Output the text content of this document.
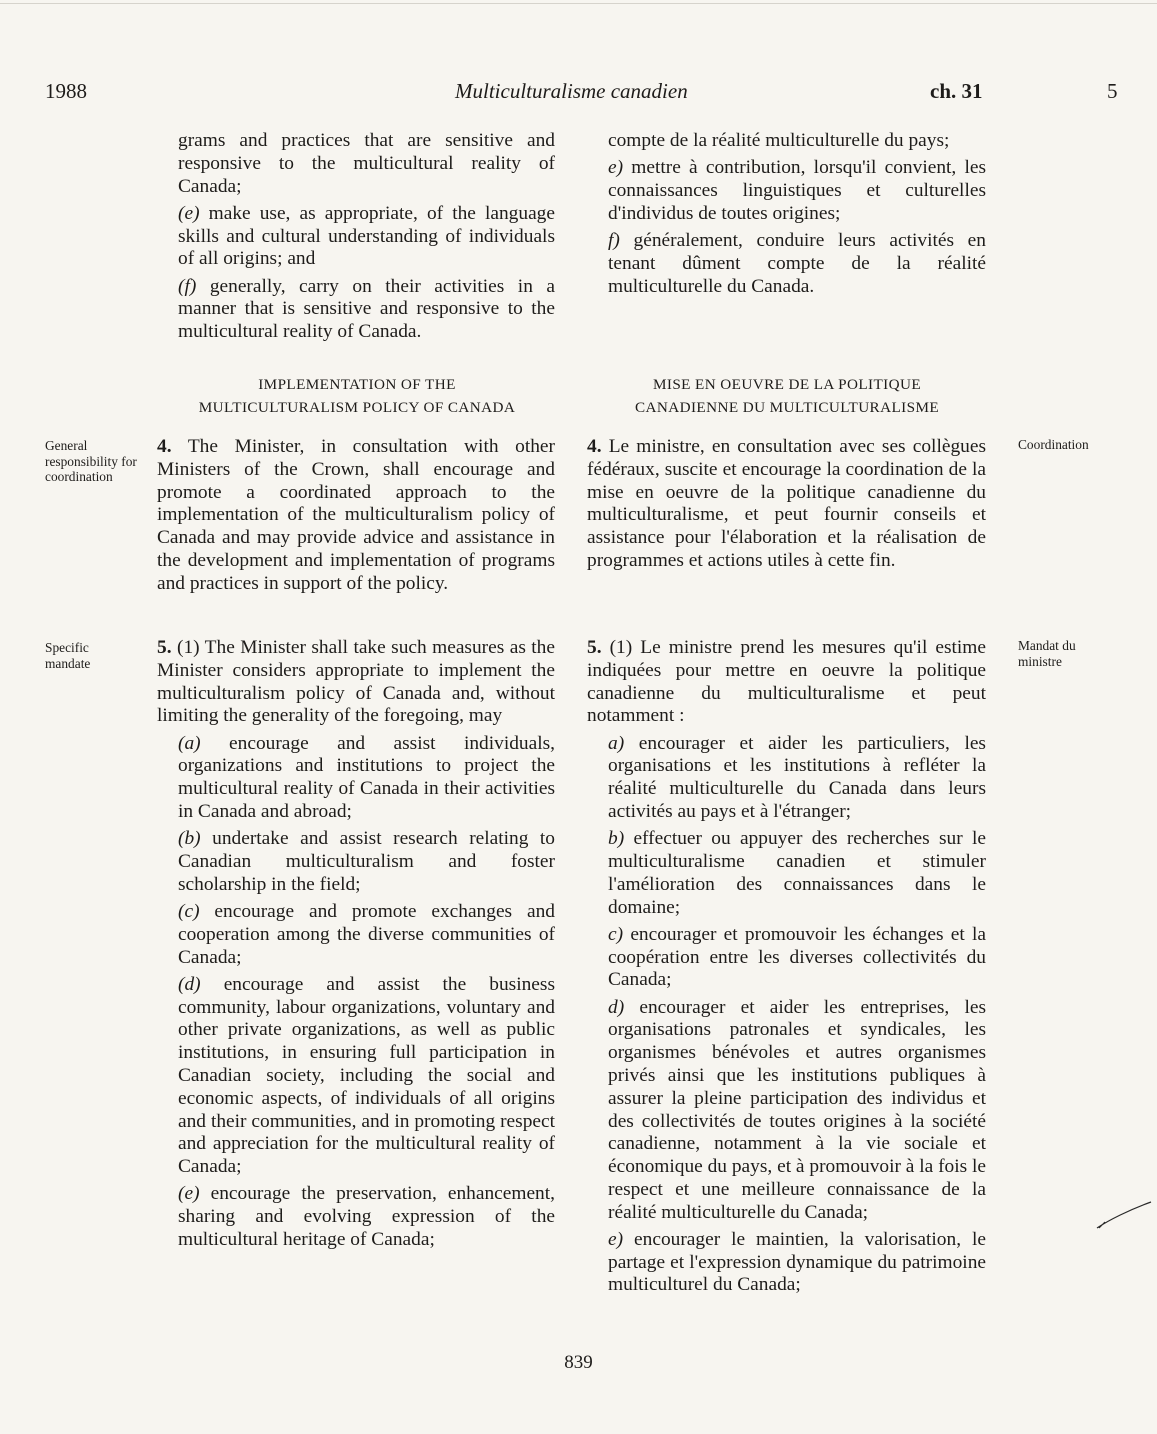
1988	Multiculturalisme canadien	ch. 31	5

grams and practices that are sensitive and responsive to the multicultural reality of Canada;

(e) make use, as appropriate, of the language skills and cultural understanding of individuals of all origins; and

(f) generally, carry on their activities in a manner that is sensitive and responsive to the multicultural reality of Canada.

compte de la réalité multiculturelle du pays;

e) mettre à contribution, lorsqu'il convient, les connaissances linguistiques et culturelles d'individus de toutes origines;

f) généralement, conduire leurs activités en tenant dûment compte de la réalité multiculturelle du Canada.

IMPLEMENTATION OF THE
MULTICULTURALISM POLICY OF CANADA
MISE EN OEUVRE DE LA POLITIQUE
CANADIENNE DU MULTICULTURALISME
General responsibility for coordination
Specific mandate
Coordination
Mandat du ministre

4. The Minister, in consultation with other Ministers of the Crown, shall encourage and promote a coordinated approach to the implementation of the multiculturalism policy of Canada and may provide advice and assistance in the development and implementation of programs and practices in support of the policy.

4. Le ministre, en consultation avec ses collègues fédéraux, suscite et encourage la coordination de la mise en oeuvre de la politique canadienne du multiculturalisme, et peut fournir conseils et assistance pour l'élaboration et la réalisation de programmes et actions utiles à cette fin.

5. (1) The Minister shall take such measures as the Minister considers appropriate to implement the multiculturalism policy of Canada and, without limiting the generality of the foregoing, may

(a) encourage and assist individuals, organizations and institutions to project the multicultural reality of Canada in their activities in Canada and abroad;

(b) undertake and assist research relating to Canadian multiculturalism and foster scholarship in the field;

(c) encourage and promote exchanges and cooperation among the diverse communities of Canada;

(d) encourage and assist the business community, labour organizations, voluntary and other private organizations, as well as public institutions, in ensuring full participation in Canadian society, including the social and economic aspects, of individuals of all origins and their communities, and in promoting respect and appreciation for the multicultural reality of Canada;

(e) encourage the preservation, enhancement, sharing and evolving expression of the multicultural heritage of Canada;

5. (1) Le ministre prend les mesures qu'il estime indiquées pour mettre en oeuvre la politique canadienne du multiculturalisme et peut notamment :

a) encourager et aider les particuliers, les organisations et les institutions à refléter la réalité multiculturelle du Canada dans leurs activités au pays et à l'étranger;

b) effectuer ou appuyer des recherches sur le multiculturalisme canadien et stimuler l'amélioration des connaissances dans le domaine;

c) encourager et promouvoir les échanges et la coopération entre les diverses collectivités du Canada;

d) encourager et aider les entreprises, les organisations patronales et syndicales, les organismes bénévoles et autres organismes privés ainsi que les institutions publiques à assurer la pleine participation des individus et des collectivités de toutes origines à la société canadienne, notamment à la vie sociale et économique du pays, et à promouvoir à la fois le respect et une meilleure connaissance de la réalité multiculturelle du Canada;

e) encourager le maintien, la valorisation, le partage et l'expression dynamique du patrimoine multiculturel du Canada;

839
